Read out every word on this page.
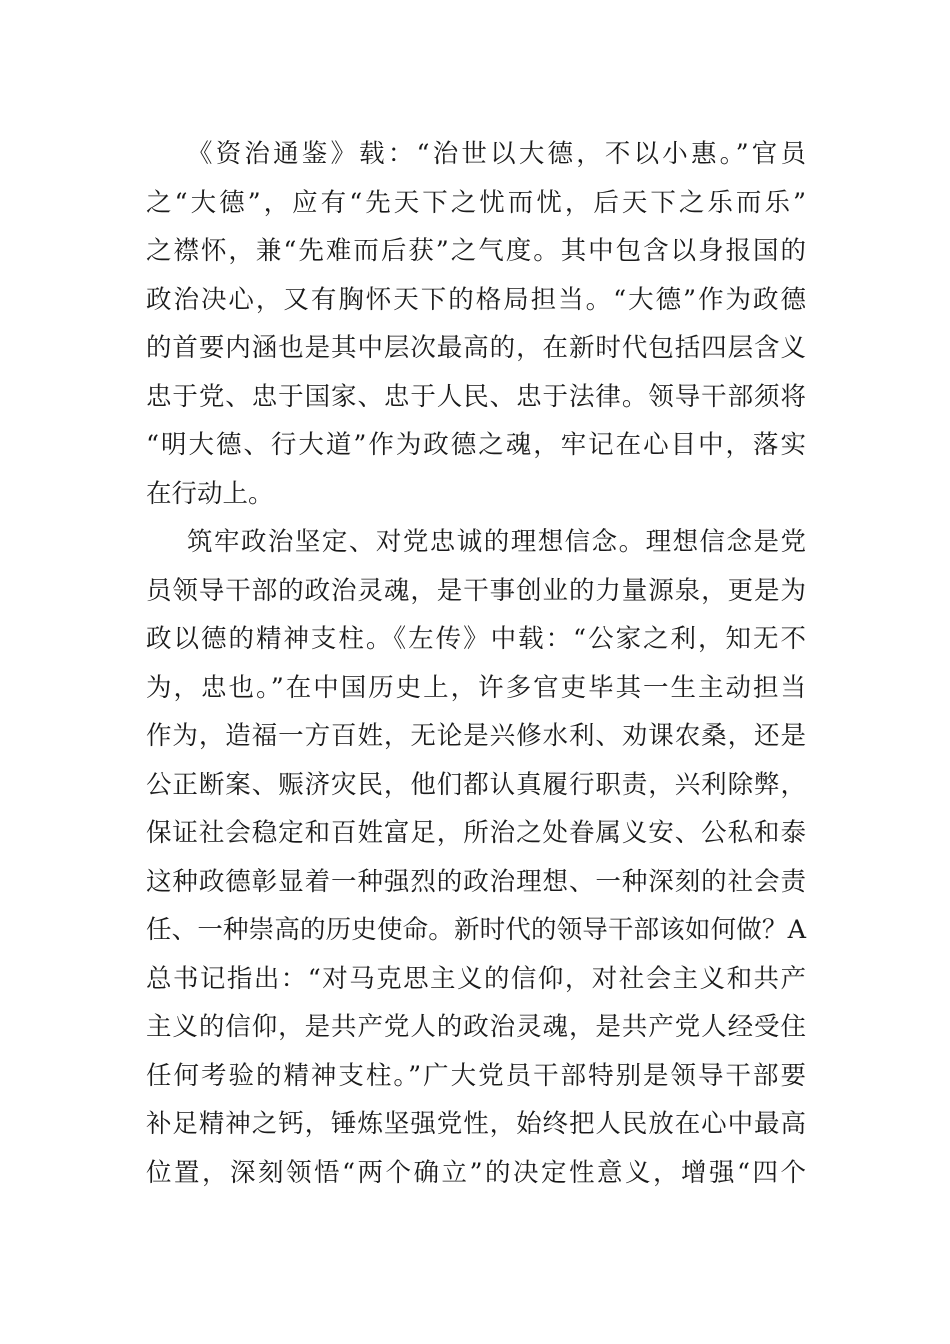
《资治通鉴》载：“治世以大德，不以小惠。”官员
之“大德”，应有“先天下之忧而忧，后天下之乐而乐”
之襟怀，兼“先难而后获”之气度。其中包含以身报国的
政治决心，又有胸怀天下的格局担当。“大德”作为政德
的首要内涵也是其中层次最高的，在新时代包括四层含义
忠于党、忠于国家、忠于人民、忠于法律。领导干部须将
“明大德、行大道”作为政德之魂，牢记在心目中，落实
在行动上。
筑牢政治坚定、对党忠诚的理想信念。理想信念是党
员领导干部的政治灵魂，是干事创业的力量源泉，更是为
政以德的精神支柱。《左传》中载：“公家之利，知无不
为，忠也。”在中国历史上，许多官吏毕其一生主动担当
作为，造福一方百姓，无论是兴修水利、劝课农桑，还是
公正断案、赈济灾民，他们都认真履行职责，兴利除弊，
保证社会稳定和百姓富足，所治之处眷属义安、公私和泰
这种政德彰显着一种强烈的政治理想、一种深刻的社会责
任、一种崇高的历史使命。新时代的领导干部该如何做？A
总书记指出：“对马克思主义的信仰，对社会主义和共产
主义的信仰，是共产党人的政治灵魂，是共产党人经受住
任何考验的精神支柱。”广大党员干部特别是领导干部要
补足精神之钙，锤炼坚强党性，始终把人民放在心中最高
位置，深刻领悟“两个确立”的决定性意义，增强“四个
